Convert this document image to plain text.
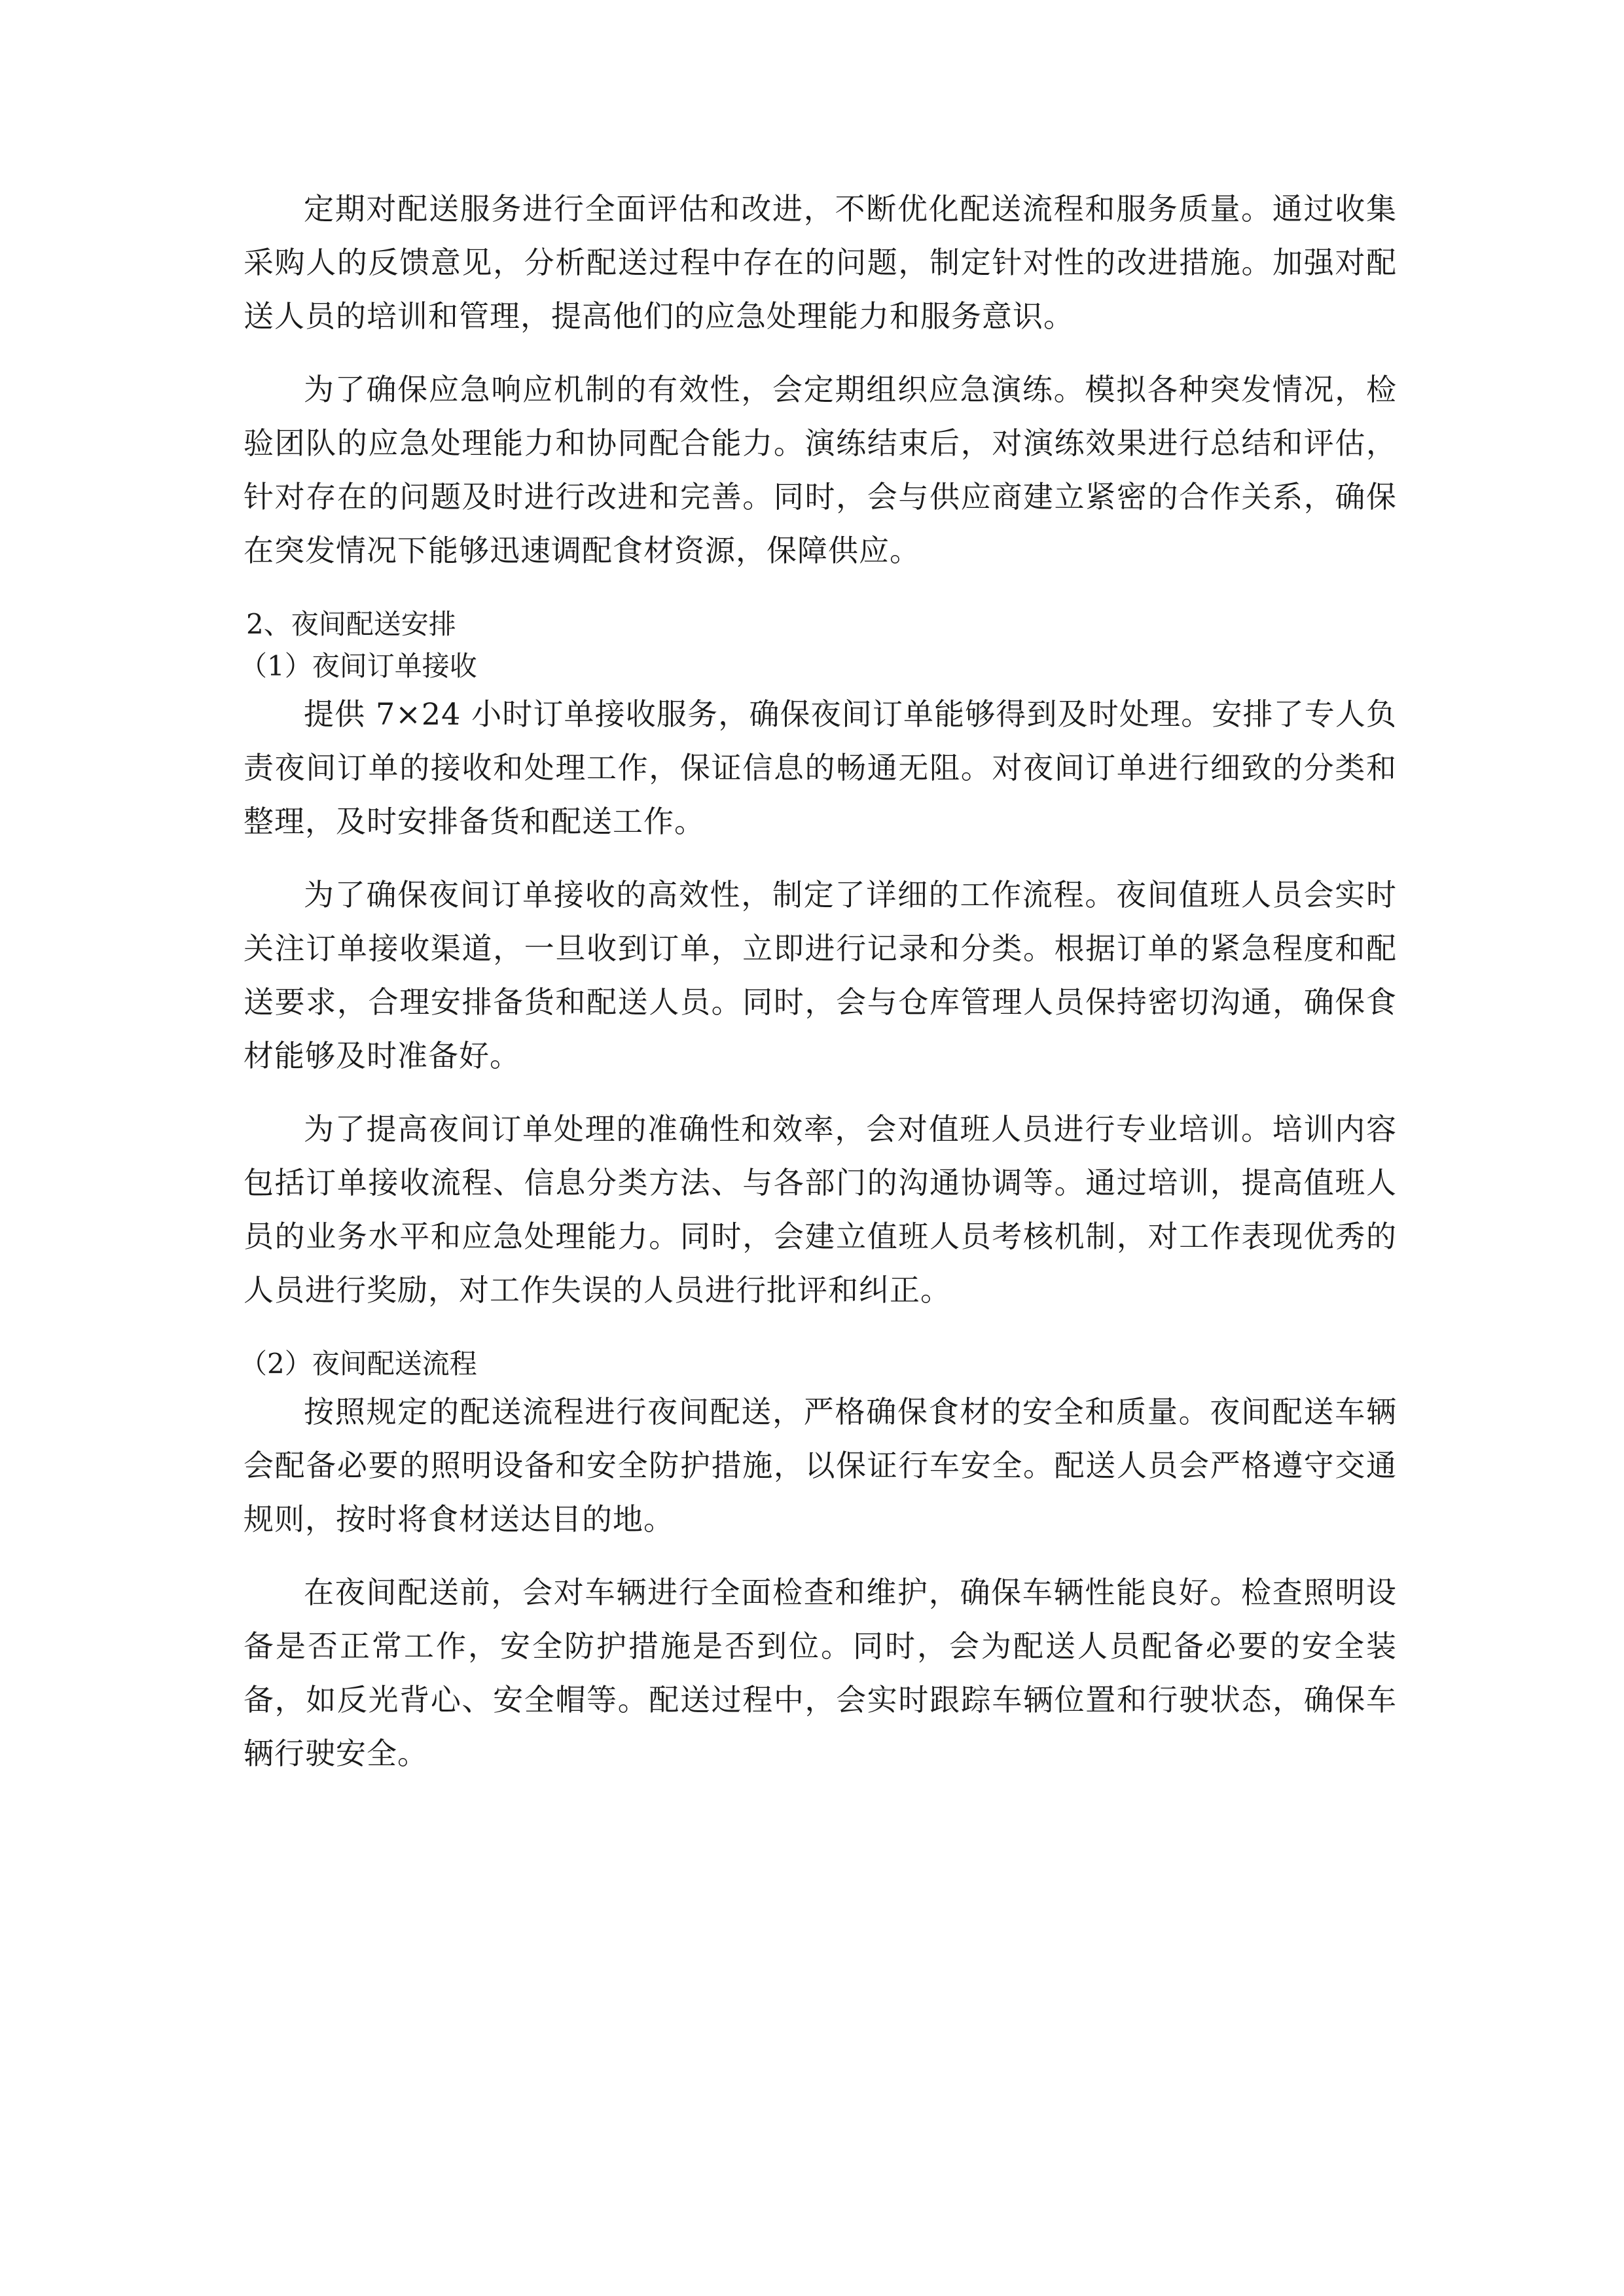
定期对配送服务进行全面评估和改进，不断优化配送流程和服务质量。通过收集采购人的反馈意见，分析配送过程中存在的问题，制定针对性的改进措施。加强对配送人员的培训和管理，提高他们的应急处理能力和服务意识。

为了确保应急响应机制的有效性，会定期组织应急演练。模拟各种突发情况，检验团队的应急处理能力和协同配合能力。演练结束后，对演练效果进行总结和评估，针对存在的问题及时进行改进和完善。同时，会与供应商建立紧密的合作关系，确保在突发情况下能够迅速调配食材资源，保障供应。

2、夜间配送安排

（1）夜间订单接收

提供 7×24 小时订单接收服务，确保夜间订单能够得到及时处理。安排了专人负责夜间订单的接收和处理工作，保证信息的畅通无阻。对夜间订单进行细致的分类和整理，及时安排备货和配送工作。

为了确保夜间订单接收的高效性，制定了详细的工作流程。夜间值班人员会实时关注订单接收渠道，一旦收到订单，立即进行记录和分类。根据订单的紧急程度和配送要求，合理安排备货和配送人员。同时，会与仓库管理人员保持密切沟通，确保食材能够及时准备好。

为了提高夜间订单处理的准确性和效率，会对值班人员进行专业培训。培训内容包括订单接收流程、信息分类方法、与各部门的沟通协调等。通过培训，提高值班人员的业务水平和应急处理能力。同时，会建立值班人员考核机制，对工作表现优秀的人员进行奖励，对工作失误的人员进行批评和纠正。

（2）夜间配送流程

按照规定的配送流程进行夜间配送，严格确保食材的安全和质量。夜间配送车辆会配备必要的照明设备和安全防护措施，以保证行车安全。配送人员会严格遵守交通规则，按时将食材送达目的地。

在夜间配送前，会对车辆进行全面检查和维护，确保车辆性能良好。检查照明设备是否正常工作，安全防护措施是否到位。同时，会为配送人员配备必要的安全装备，如反光背心、安全帽等。配送过程中，会实时跟踪车辆位置和行驶状态，确保车辆行驶安全。
